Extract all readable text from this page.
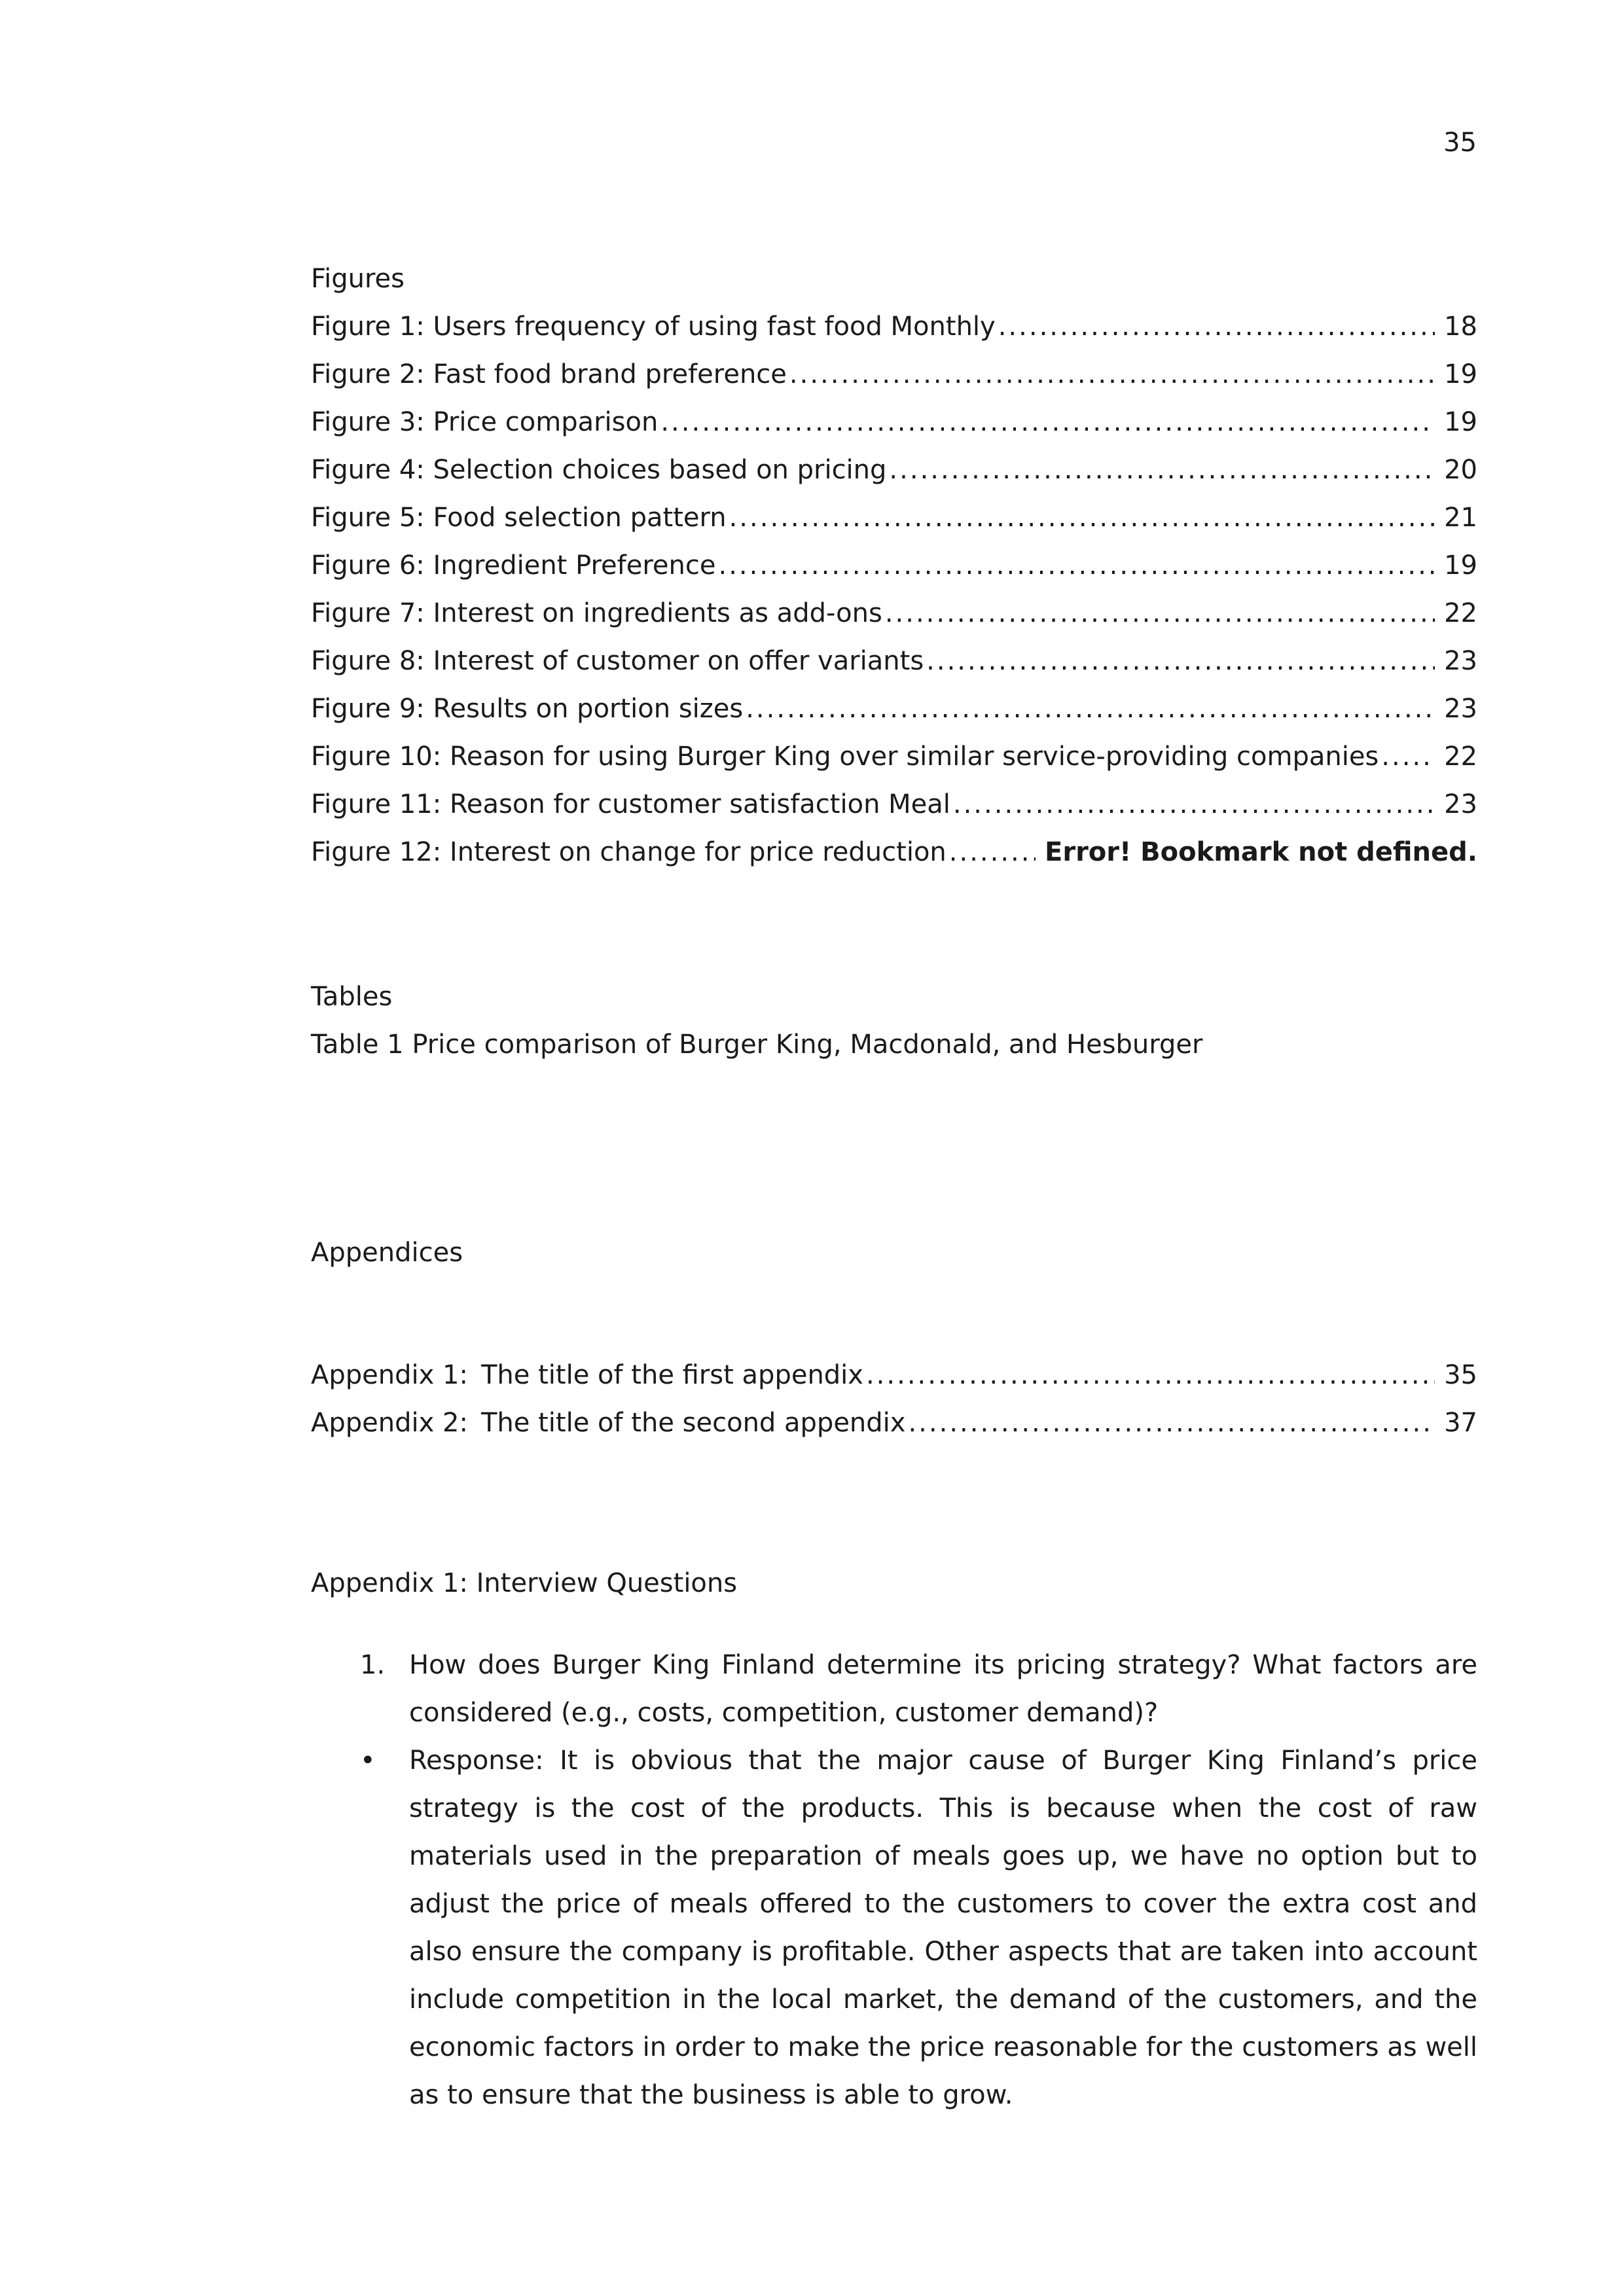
35
Figures
Figure 1: Users frequency of using fast food Monthly .....	18
Figure 2: Fast food brand preference .....	19
Figure 3: Price comparison .....	19
Figure 4: Selection choices based on pricing .....	20
Figure 5: Food selection pattern .....	21
Figure 6: Ingredient Preference .....	19
Figure 7: Interest on ingredients as add-ons .....	22
Figure 8: Interest of customer on offer variants .....	23
Figure 9: Results on portion sizes .....	23
Figure 10: Reason for using Burger King over similar service-providing companies ..... 22
Figure 11: Reason for customer satisfaction Meal .....	23
Figure 12: Interest on change for price reduction .....	Error! Bookmark not defined.
Tables
Table 1 Price comparison of Burger King, Macdonald, and Hesburger
Appendices
Appendix 1: The title of the first appendix .....	35
Appendix 2: The title of the second appendix .....	37
Appendix 1: Interview Questions
1. How does Burger King Finland determine its pricing strategy? What factors are considered (e.g., costs, competition, customer demand)?
•	Response: It is obvious that the major cause of Burger King Finland’s price strategy is the cost of the products. This is because when the cost of raw materials used in the preparation of meals goes up, we have no option but to adjust the price of meals offered to the customers to cover the extra cost and also ensure the company is profitable. Other aspects that are taken into account include competition in the local market, the demand of the customers, and the economic factors in order to make the price reasonable for the customers as well as to ensure that the business is able to grow.
